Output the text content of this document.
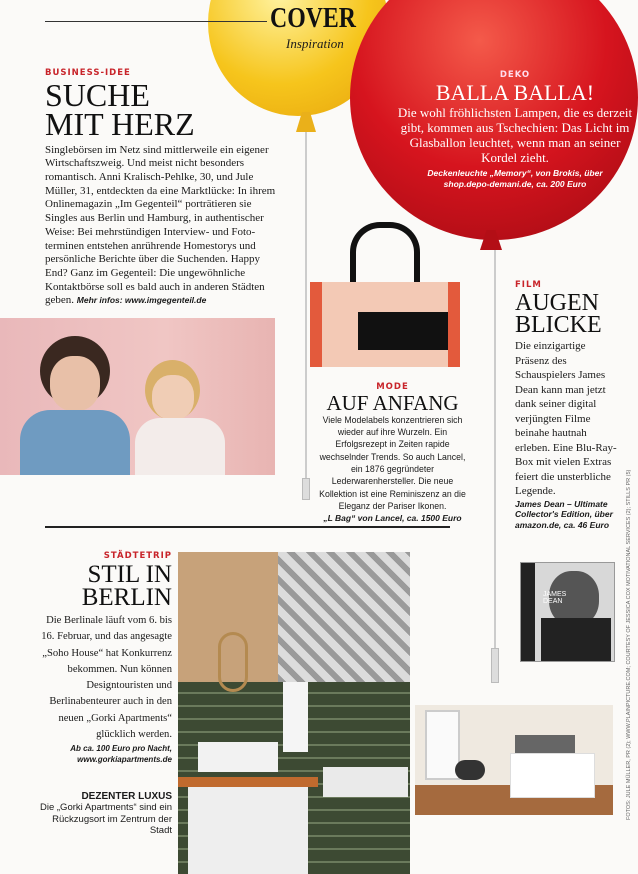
COVER
Inspiration
BUSINESS-IDEE
SUCHE
MIT HERZ
Singlebörsen im Netz sind mittlerweile ein eigener Wirtschaftszweig. Und meist nicht besonders romantisch. Anni Kralisch-Pehlke, 30, und Jule Müller, 31, entdeckten da eine Marktlücke: In ihrem Onlinemagazin „Im Gegenteil“ porträtieren sie Singles aus Berlin und Hamburg, in authentischer Weise: Bei mehrstündigen Interview- und Fototerminen entstehen anrührende Homestorys und persönliche Berichte über die Suchenden. Happy End? Ganz im Gegenteil: Die ungewöhnliche Kontaktbörse soll es bald auch in anderen Städten geben. Mehr infos: www.imgegenteil.de
DEKO
BALLA BALLA!
Die wohl fröhlichsten Lampen, die es derzeit gibt, kommen aus Tschechien: Das Licht im Glasballon leuchtet, wenn man an seiner Kordel zieht.
Deckenleuchte „Memory“, von Brokis, über shop.depo-demani.de, ca. 200 Euro
MODE
AUF ANFANG
Viele Modelabels konzentrieren sich wieder auf ihre Wurzeln. Ein Erfolgsrezept in Zeiten rapide wechselnder Trends. So auch Lancel, ein 1876 gegründeter Lederwarenhersteller. Die neue Kollektion ist eine Reminiszenz an die Eleganz der Pariser Ikonen.
„L Bag“ von Lancel, ca. 1500 Euro
FILM
AUGEN
BLICKE
Die einzigartige Präsenz des Schauspielers James Dean kann man jetzt dank seiner digital verjüngten Filme beinahe hautnah erleben. Eine Blu-Ray-Box mit vielen Extras feiert die unsterbliche Legende.
James Dean – Ultimate Collector's Edition, über amazon.de, ca. 46 Euro
JAMES DEAN
STÄDTETRIP
STIL IN
BERLIN
Die Berlinale läuft vom 6. bis 16. Februar, und das angesagte „Soho House“ hat Konkurrenz bekommen. Nun können Designtouristen und Berlinabenteurer auch in den neuen „Gorki Apartments“ glücklich werden.
Ab ca. 100 Euro pro Nacht, www.gorkiapartments.de
DEZENTER LUXUS
Die „Gorki Apartments“ sind ein Rückzugsort im Zentrum der Stadt
FOTOS: JULE MÜLLER, PR (2); WWW.PLAINPICTURE.COM; COURTESY OF JESSICA COX MOTIVATIONAL SERVICES (2); STILLS PR (5)
